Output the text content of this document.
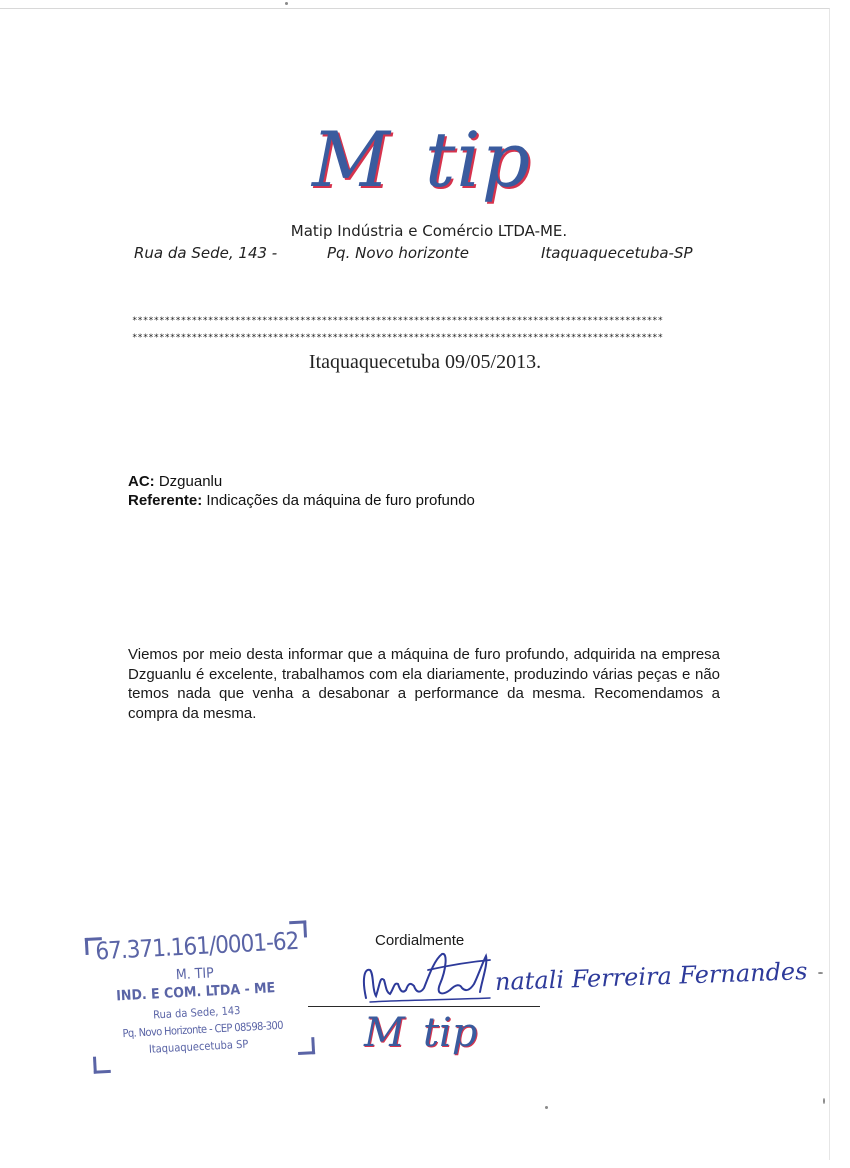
M tip
Matip Indústria e Comércio LTDA-ME.
Rua da Sede, 143 -	Pq. Novo horizonte	Itaquaquecetuba-SP
**************************************************************************************************
**************************************************************************************************
Itaquaquecetuba 09/05/2013.
AC: Dzguanlu
Referente: Indicações da máquina de furo profundo
Viemos por meio desta informar que a máquina de furo profundo, adquirida na empresa Dzguanlu é excelente, trabalhamos com ela diariamente, produzindo várias peças e não temos nada que venha a desabonar a performance da mesma. Recomendamos a compra da mesma.
Cordialmente
natali Ferreira Fernandes
M tip
67.371.161/0001-62
M. TIP
IND. E COM. LTDA - ME
Rua da Sede, 143
Pq. Novo Horizonte - CEP 08598-300
Itaquaquecetuba SP
